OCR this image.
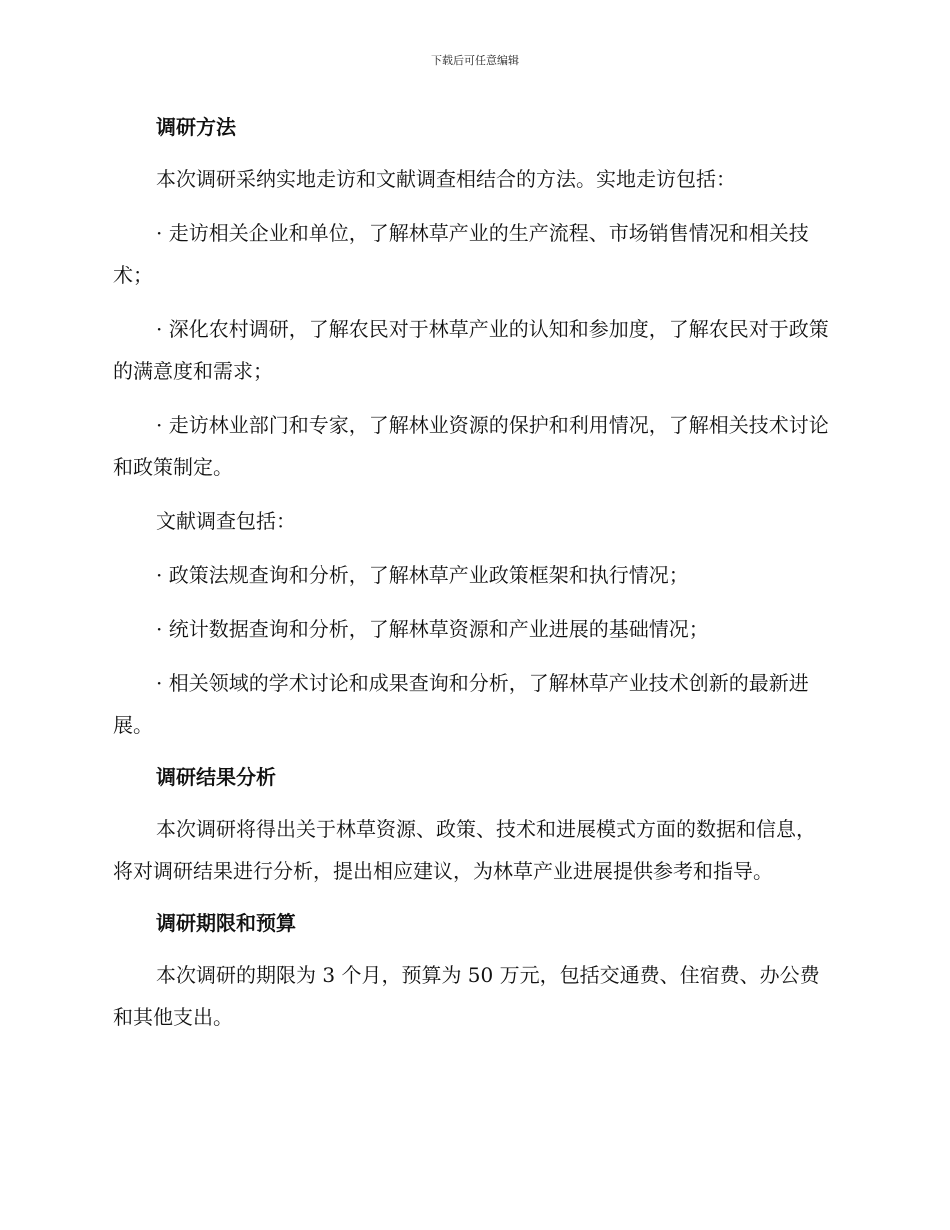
下载后可任意编辑
调研方法

本次调研采纳实地走访和文献调查相结合的方法。实地走访包括：

· 走访相关企业和单位，了解林草产业的生产流程、市场销售情况和相关技术；

· 深化农村调研，了解农民对于林草产业的认知和参加度，了解农民对于政策的满意度和需求；

· 走访林业部门和专家，了解林业资源的保护和利用情况，了解相关技术讨论和政策制定。

文献调查包括：

· 政策法规查询和分析，了解林草产业政策框架和执行情况；

· 统计数据查询和分析，了解林草资源和产业进展的基础情况；

· 相关领域的学术讨论和成果查询和分析，了解林草产业技术创新的最新进展。

调研结果分析

本次调研将得出关于林草资源、政策、技术和进展模式方面的数据和信息，将对调研结果进行分析，提出相应建议，为林草产业进展提供参考和指导。

调研期限和预算

本次调研的期限为 3 个月，预算为 50 万元，包括交通费、住宿费、办公费和其他支出。
